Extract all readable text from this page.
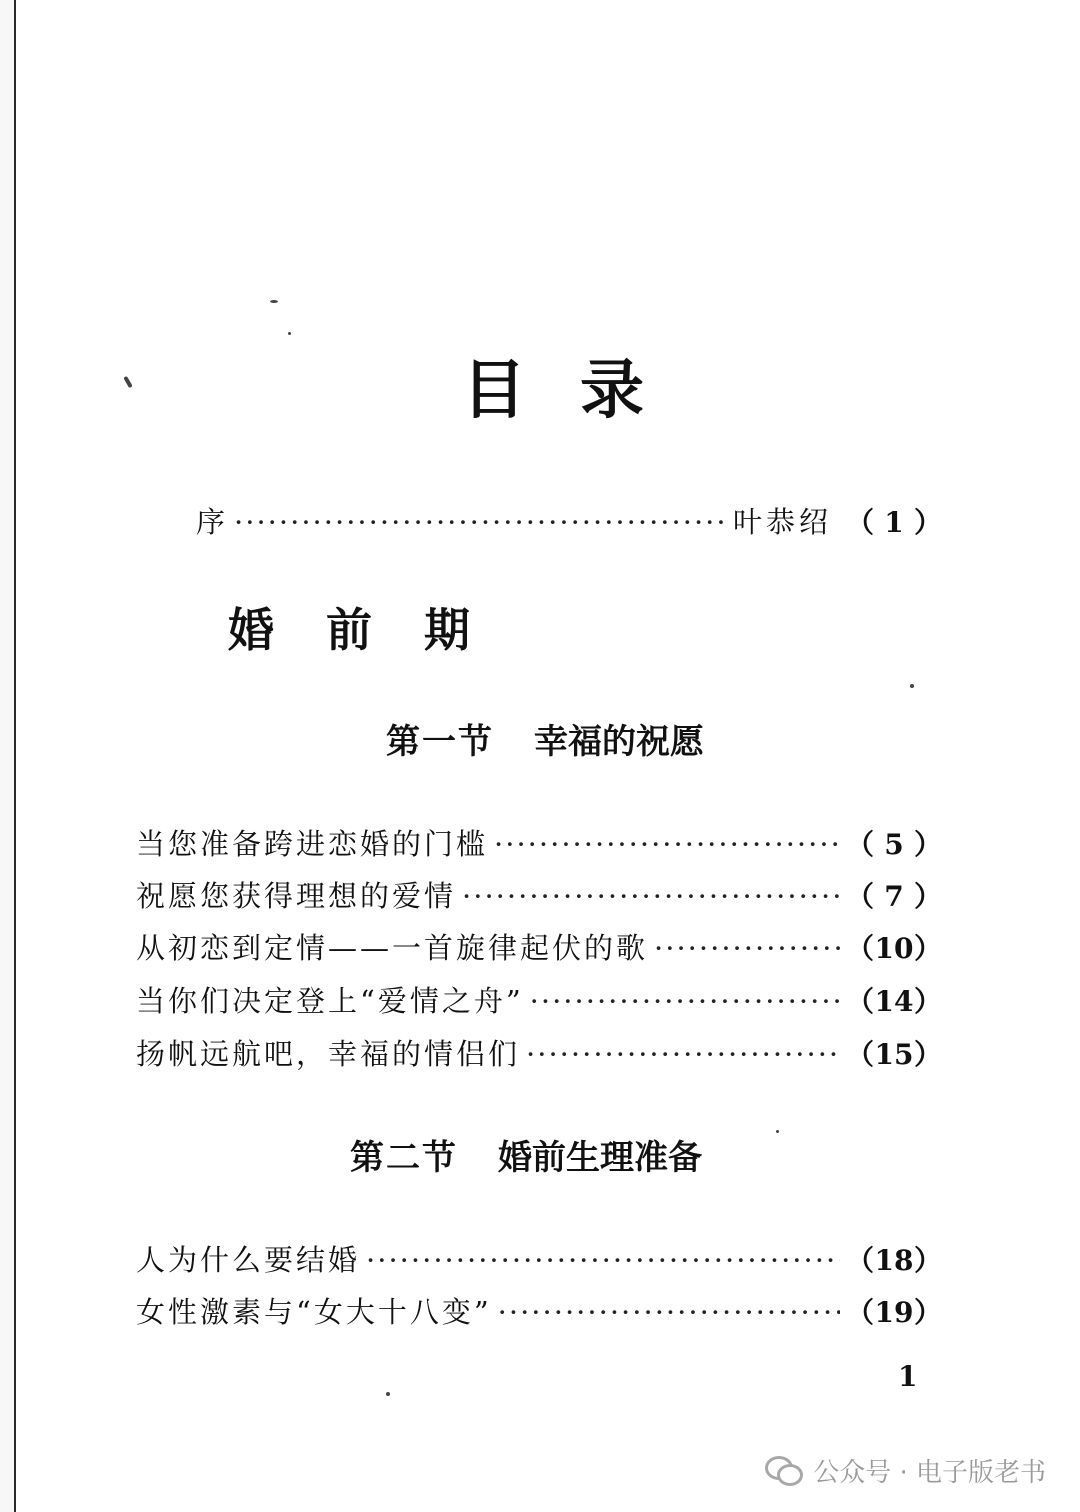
目录
序 ·····	叶恭绍 （ 1 ）
婚前期
第一节 幸福的祝愿
当您准备跨进恋婚的门槛 ·····	（ 5 ）
祝愿您获得理想的爱情 ·····	（ 7 ）
从初恋到定情——一首旋律起伏的歌 ·····	（ 10 ）
当你们决定登上“爱情之舟” ·····	（ 14 ）
扬帆远航吧，幸福的情侣们 ·····	（ 15 ）
第二节 婚前生理准备
人为什么要结婚 ·····	（ 18 ）
女性激素与“女大十八变” ·····	（ 19 ）
1
公众号 · 电子版老书
